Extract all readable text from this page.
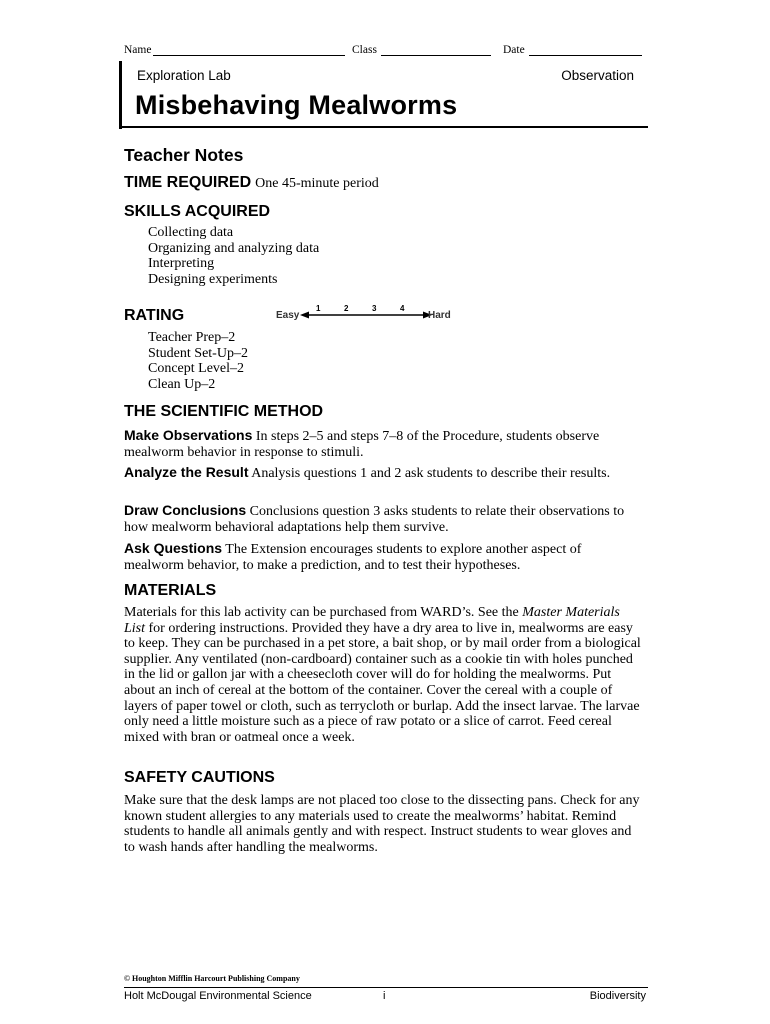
Name	Class	Date
Exploration Lab	Observation
Misbehaving Mealworms
Teacher Notes
TIME REQUIRED One 45-minute period
SKILLS ACQUIRED
Collecting data
Organizing and analyzing data
Interpreting
Designing experiments
RATING	Easy
1	2	3	4
Hard
Teacher Prep–2
Student Set-Up–2
Concept Level–2
Clean Up–2
THE SCIENTIFIC METHOD
Make Observations In steps 2–5 and steps 7–8 of the Procedure, students observe mealworm behavior in response to stimuli.
Analyze the Result Analysis questions 1 and 2 ask students to describe their results.
Draw Conclusions Conclusions question 3 asks students to relate their observations to how mealworm behavioral adaptations help them survive.
Ask Questions The Extension encourages students to explore another aspect of mealworm behavior, to make a prediction, and to test their hypotheses.
MATERIALS
Materials for this lab activity can be purchased from WARD’s. See the Master Materials List for ordering instructions. Provided they have a dry area to live in, mealworms are easy to keep. They can be purchased in a pet store, a bait shop, or by mail order from a biological supplier. Any ventilated (non-cardboard) container such as a cookie tin with holes punched in the lid or gallon jar with a cheesecloth cover will do for holding the mealworms. Put about an inch of cereal at the bottom of the container. Cover the cereal with a couple of layers of paper towel or cloth, such as terrycloth or burlap. Add the insect larvae. The larvae only need a little moisture such as a piece of raw potato or a slice of carrot. Feed cereal mixed with bran or oatmeal once a week.
SAFETY CAUTIONS
Make sure that the desk lamps are not placed too close to the dissecting pans. Check for any known student allergies to any materials used to create the mealworms’ habitat. Remind students to handle all animals gently and with respect. Instruct students to wear gloves and to wash hands after handling the mealworms.
© Houghton Mifflin Harcourt Publishing Company
Holt McDougal Environmental Science	i	Biodiversity
